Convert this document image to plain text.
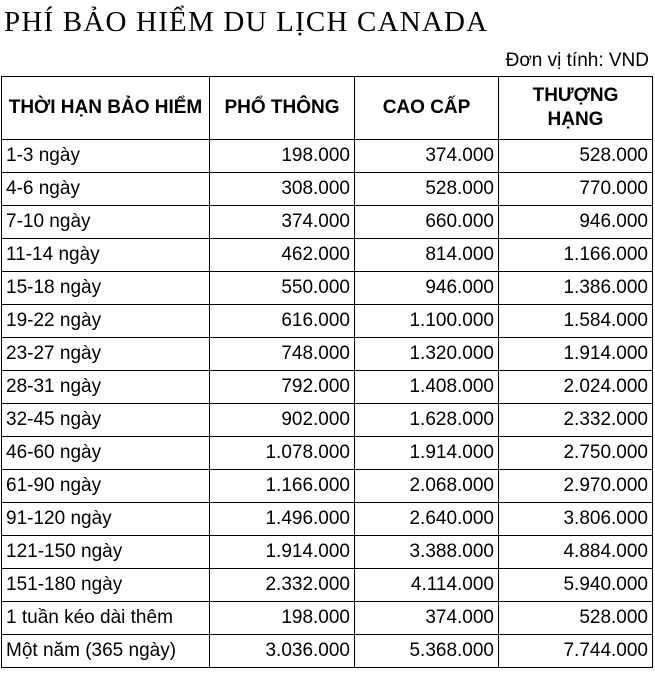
PHÍ BẢO HIỂM DU LỊCH CANADA
Đơn vị tính: VND
THỜI HẠN BẢO HIỂM	PHỔ THÔNG	CAO CẤP	THƯỢNG HẠNG
1-3 ngày	198.000	374.000	528.000
4-6 ngày	308.000	528.000	770.000
7-10 ngày	374.000	660.000	946.000
11-14 ngày	462.000	814.000	1.166.000
15-18 ngày	550.000	946.000	1.386.000
19-22 ngày	616.000	1.100.000	1.584.000
23-27 ngày	748.000	1.320.000	1.914.000
28-31 ngày	792.000	1.408.000	2.024.000
32-45 ngày	902.000	1.628.000	2.332.000
46-60 ngày	1.078.000	1.914.000	2.750.000
61-90 ngày	1.166.000	2.068.000	2.970.000
91-120 ngày	1.496.000	2.640.000	3.806.000
121-150 ngày	1.914.000	3.388.000	4.884.000
151-180 ngày	2.332.000	4.114.000	5.940.000
1 tuần kéo dài thêm	198.000	374.000	528.000
Một năm (365 ngày)	3.036.000	5.368.000	7.744.000
